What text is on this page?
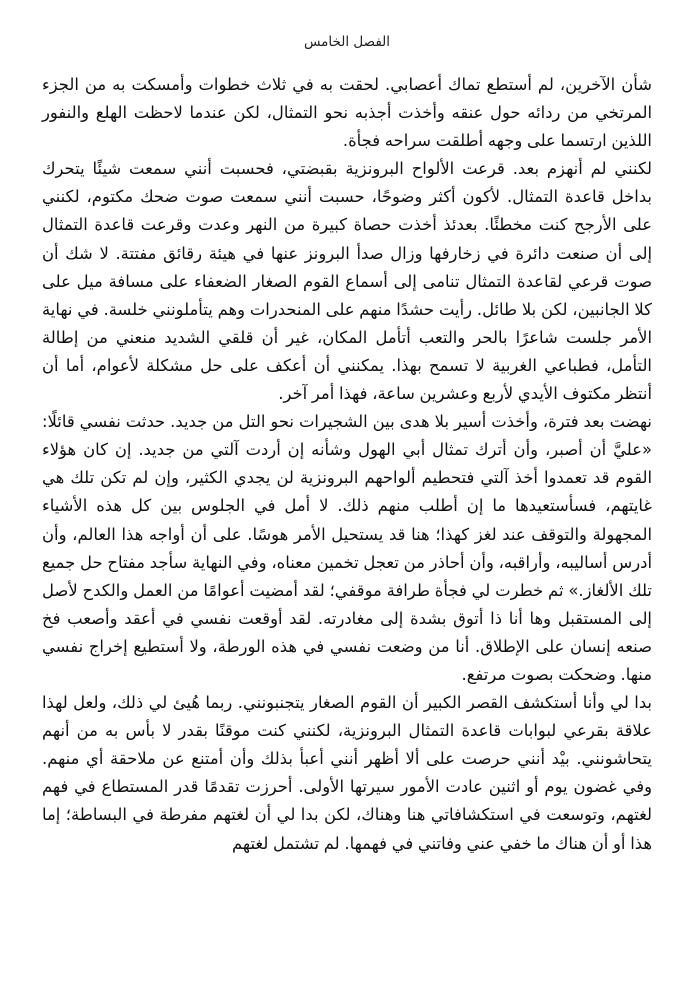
الفصل الخامس

شأن الآخرين، لم أستطع تماك أعصابي. لحقت به في ثلاث خطوات وأمسكت به من الجزء المرتخي من ردائه حول عنقه وأخذت أجذبه نحو التمثال، لكن عندما لاحظت الهلع والنفور اللذين ارتسما على وجهه أطلقت سراحه فجأة.

لكنني لم أنهزم بعد. قرعت الألواح البرونزية بقبضتي، فحسبت أنني سمعت شيئًا يتحرك بداخل قاعدة التمثال. لأكون أكثر وضوحًا، حسبت أنني سمعت صوت ضحك مكتوم، لكنني على الأرجح كنت مخطئًا. بعدئذ أخذت حصاة كبيرة من النهر وعدت وقرعت قاعدة التمثال إلى أن صنعت دائرة في زخارفها وزال صدأ البرونز عنها في هيئة رقائق مفتتة. لا شك أن صوت قرعي لقاعدة التمثال تنامى إلى أسماع القوم الصغار الضعفاء على مسافة ميل على كلا الجانبين، لكن بلا طائل. رأيت حشدًا منهم على المنحدرات وهم يتأملونني خلسة. في نهاية الأمر جلست شاعرًا بالحر والتعب أتأمل المكان، غير أن قلقي الشديد منعني من إطالة التأمل، فطباعي الغربية لا تسمح بهذا. يمكنني أن أعكف على حل مشكلة لأعوام، أما أن أنتظر مكتوف الأيدي لأربع وعشرين ساعة، فهذا أمر آخر.

نهضت بعد فترة، وأخذت أسير بلا هدى بين الشجيرات نحو التل من جديد. حدثت نفسي قائلًا: «عليَّ أن أصبر، وأن أترك تمثال أبي الهول وشأنه إن أردت آلتي من جديد. إن كان هؤلاء القوم قد تعمدوا أخذ آلتي فتحطيم ألواحهم البرونزية لن يجدي الكثير، وإن لم تكن تلك هي غايتهم، فسأستعيدها ما إن أطلب منهم ذلك. لا أمل في الجلوس بين كل هذه الأشياء المجهولة والتوقف عند لغز كهذا؛ هنا قد يستحيل الأمر هوسًا. على أن أواجه هذا العالم، وأن أدرس أساليبه، وأراقبه، وأن أحاذر من تعجل تخمين معناه، وفي النهاية سأجد مفتاح حل جميع تلك الألغاز.» ثم خطرت لي فجأة طرافة موقفي؛ لقد أمضيت أعوامًا من العمل والكدح لأصل إلى المستقبل وها أنا ذا أتوق بشدة إلى مغادرته. لقد أوقعت نفسي في أعقد وأصعب فخ صنعه إنسان على الإطلاق. أنا من وضعت نفسي في هذه الورطة، ولا أستطيع إخراج نفسي منها. وضحكت بصوت مرتفع.

بدا لي وأنا أستكشف القصر الكبير أن القوم الصغار يتجنبونني. ربما هُيئ لي ذلك، ولعل لهذا علاقة بقرعي لبوابات قاعدة التمثال البرونزية، لكنني كنت موقنًا بقدر لا بأس به من أنهم يتحاشونني. بيْد أنني حرصت على ألا أظهر أنني أعبأ بذلك وأن أمتنع عن ملاحقة أي منهم. وفي غضون يوم أو اثنين عادت الأمور سيرتها الأولى. أحرزت تقدمًا قدر المستطاع في فهم لغتهم، وتوسعت في استكشافاتي هنا وهناك، لكن بدا لي أن لغتهم مفرطة في البساطة؛ إما هذا أو أن هناك ما خفي عني وفاتني في فهمها. لم تشتمل لغتهم
